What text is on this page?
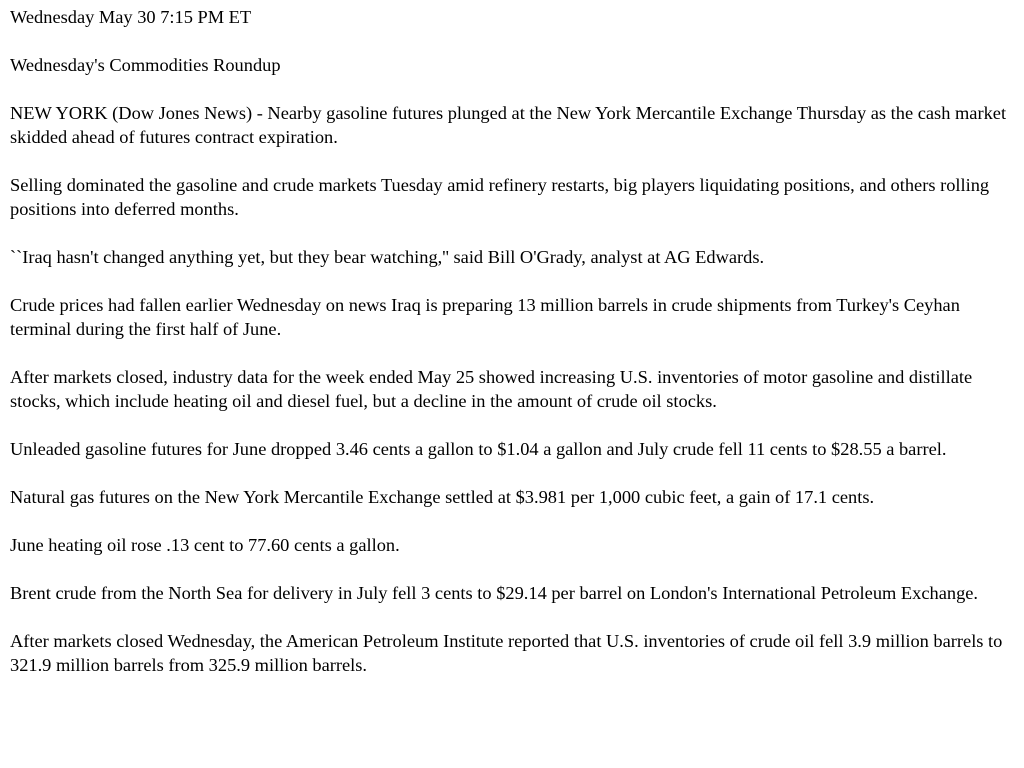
Wednesday May 30 7:15 PM ET
Wednesday's Commodities Roundup
NEW YORK (Dow Jones News) - Nearby gasoline futures plunged at the New York Mercantile Exchange Thursday as the cash market skidded ahead of futures contract expiration.
Selling dominated the gasoline and crude markets Tuesday amid refinery restarts, big players liquidating positions, and others rolling positions into deferred months.
``Iraq hasn't changed anything yet, but they bear watching,'' said Bill O'Grady, analyst at AG Edwards.
Crude prices had fallen earlier Wednesday on news Iraq is preparing 13 million barrels in crude shipments from Turkey's Ceyhan terminal during the first half of June.
After markets closed, industry data for the week ended May 25 showed increasing U.S. inventories of motor gasoline and distillate stocks, which include heating oil and diesel fuel, but a decline in the amount of crude oil stocks.
Unleaded gasoline futures for June dropped 3.46 cents a gallon to $1.04 a gallon and July crude fell 11 cents to $28.55 a barrel.
Natural gas futures on the New York Mercantile Exchange settled at $3.981 per 1,000 cubic feet, a gain of 17.1 cents.
June heating oil rose .13 cent to 77.60 cents a gallon.
Brent crude from the North Sea for delivery in July fell 3 cents to $29.14 per barrel on London's International Petroleum Exchange.
After markets closed Wednesday, the American Petroleum Institute reported that U.S. inventories of crude oil fell 3.9 million barrels to 321.9 million barrels from 325.9 million barrels.
